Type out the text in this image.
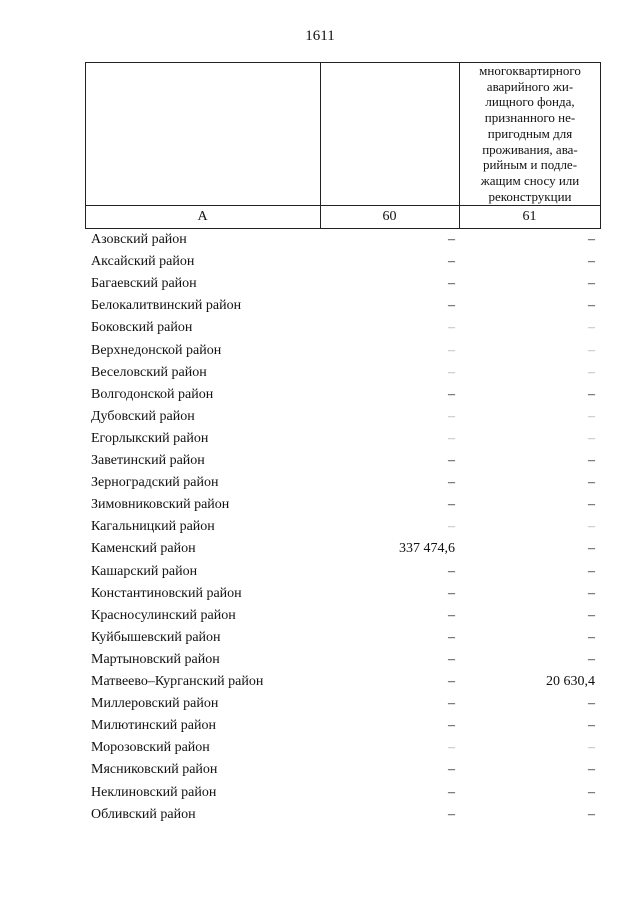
1611
многоквартирного
аварийного жи-
лищного фонда,
признанного не-
пригодным для
проживания, ава-
рийным и подле-
жащим сносу или
реконструкции
А	60	61
Азовский район	–	–
Аксайский район	–	–
Багаевский район	–	–
Белокалитвинский район	–	–
Боковский район	–	–
Верхнедонской район	–	–
Веселовский район	–	–
Волгодонской район	–	–
Дубовский район	–	–
Егорлыкский район	–	–
Заветинский район	–	–
Зерноградский район	–	–
Зимовниковский район	–	–
Кагальницкий район	–	–
Каменский район	337 474,6	–
Кашарский район	–	–
Константиновский район	–	–
Красносулинский район	–	–
Куйбышевский район	–	–
Мартыновский район	–	–
Матвеево–Курганский район	–	20 630,4
Миллеровский район	–	–
Милютинский район	–	–
Морозовский район	–	–
Мясниковский район	–	–
Неклиновский район	–	–
Обливский район	–	–
